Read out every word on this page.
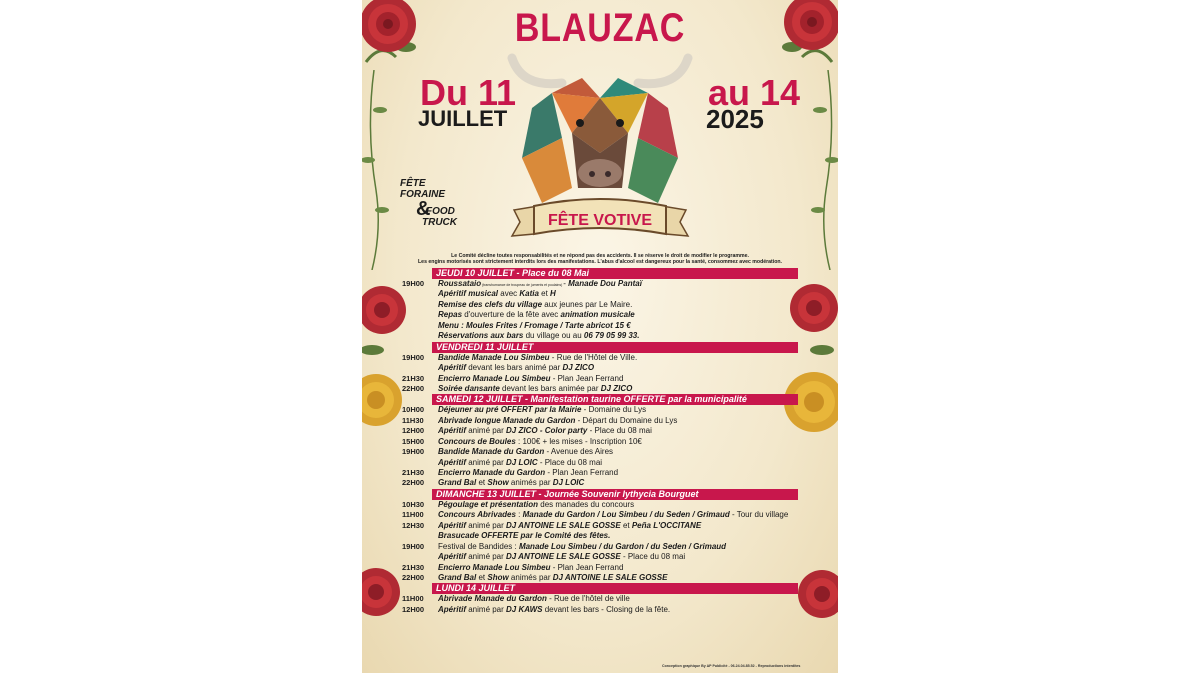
BLAUZAC
Du 11
JUILLET
au 14
2025
FÊTE VOTIVE
FÊTE
FORAINE
&
FOOD
TRUCK
Le Comité décline toutes responsabilités et ne répond pas des accidents. Il se réserve le droit de modifier le programme.
Les engins motorisés sont strictement interdits lors des manifestations. L'abus d'alcool est dangereux pour la santé, consommez avec modération.
JEUDI 10 JUILLET - Place du 08 Mai
19H00	Roussataio (transhumance de troupeau de juments et poulains) - Manade Dou Pantaï
Apéritif musical avec Katia et H
Remise des clefs du village aux jeunes par Le Maire.
Repas d'ouverture de la fête avec animation musicale
Menu : Moules Frites / Fromage / Tarte abricot 15 €
Réservations aux bars du village ou au 06 79 05 99 33.
VENDREDI 11 JUILLET
19H00	Bandide Manade Lou Simbeu - Rue de l'Hôtel de Ville.
Apéritif devant les bars animé par DJ ZICO
21H30	Encierro Manade Lou Simbeu - Plan Jean Ferrand
22H00	Soirée dansante devant les bars animée par DJ ZICO
SAMEDI 12 JUILLET - Manifestation taurine OFFERTE par la municipalité
10H00	Déjeuner au pré OFFERT par la Mairie - Domaine du Lys
11H30	Abrivade longue Manade du Gardon - Départ du Domaine du Lys
12H00	Apéritif animé par DJ ZICO - Color party - Place du 08 mai
15H00	Concours de Boules : 100€ + les mises - Inscription 10€
19H00	Bandide Manade du Gardon - Avenue des Aires
Apéritif animé par DJ LOIC - Place du 08 mai
21H30	Encierro Manade du Gardon - Plan Jean Ferrand
22H00	Grand Bal et Show animés par DJ LOIC
DIMANCHE 13 JUILLET - Journée Souvenir Iythycia Bourguet
10H30	Pégoulage et présentation des manades du concours
11H00	Concours Abrivades : Manade du Gardon / Lou Simbeu / du Seden / Grimaud - Tour du village
12H30	Apéritif animé par DJ ANTOINE LE SALE GOSSE et Peña L'OCCITANE
Brasucade OFFERTE par le Comité des fêtes.
19H00	Festival de Bandides : Manade Lou Simbeu / du Gardon / du Seden / Grimaud
Apéritif animé par DJ ANTOINE LE SALE GOSSE - Place du 08 mai
21H30	Encierro Manade Lou Simbeu - Plan Jean Ferrand
22H00	Grand Bal et Show animés par DJ ANTOINE LE SALE GOSSE
LUNDI 14 JUILLET
11H00	Abrivade Manade du Gardon - Rue de l'hôtel de ville
12H00	Apéritif animé par DJ KAWS devant les bars - Closing de la fête.
Conception graphique By AP Publicité - 06.24.04.85.52 - Reproductions interdites
